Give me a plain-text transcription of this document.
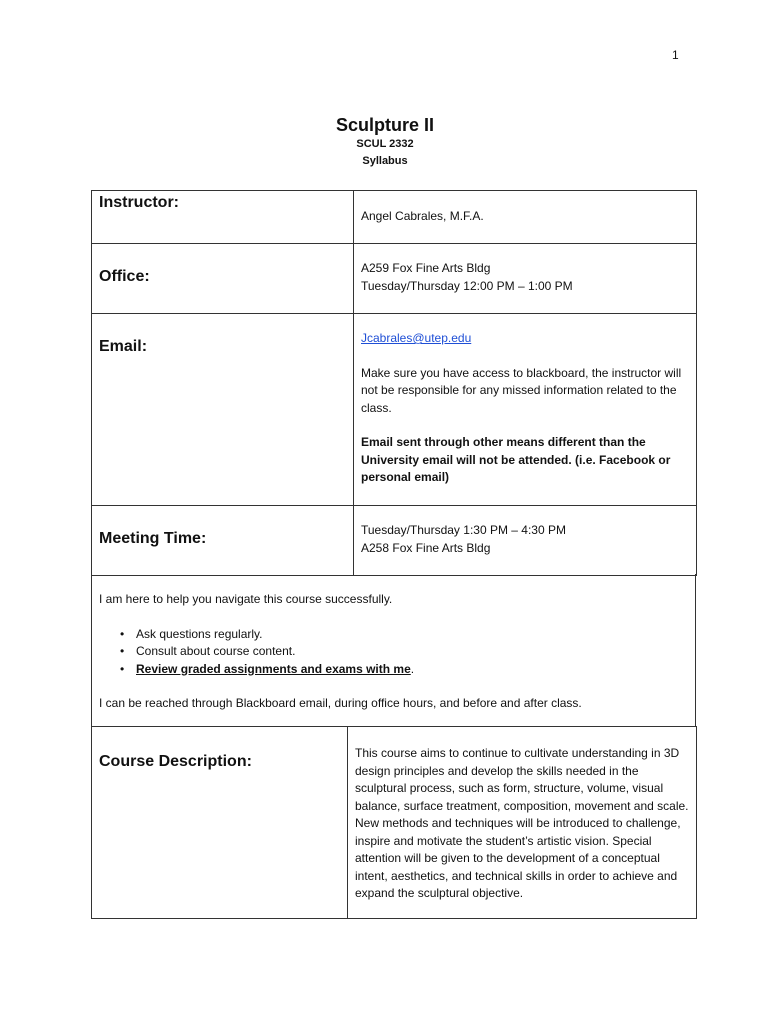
1
Sculpture II
SCUL 2332
Syllabus
Instructor:	Angel Cabrales, M.F.A.

Office:	A259 Fox Fine Arts Bldg
Tuesday/Thursday 12:00 PM – 1:00 PM

Email:	Jcabrales@utep.edu
Make sure you have access to blackboard, the instructor will not be responsible for any missed information related to the class.
Email sent through other means different than the University email will not be attended. (i.e. Facebook or personal email)

Meeting Time:	Tuesday/Thursday 1:30 PM – 4:30 PM
A258 Fox Fine Arts Bldg

I am here to help you navigate this course successfully.

• Ask questions regularly.
• Consult about course content.
• Review graded assignments and exams with me.

I can be reached through Blackboard email, during office hours, and before and after class.

Course Description:	This course aims to continue to cultivate understanding in 3D design principles and develop the skills needed in the sculptural process, such as form, structure, volume, visual balance, surface treatment, composition, movement and scale. New methods and techniques will be introduced to challenge, inspire and motivate the student’s artistic vision. Special attention will be given to the development of a conceptual intent, aesthetics, and technical skills in order to achieve and expand the sculptural objective.
